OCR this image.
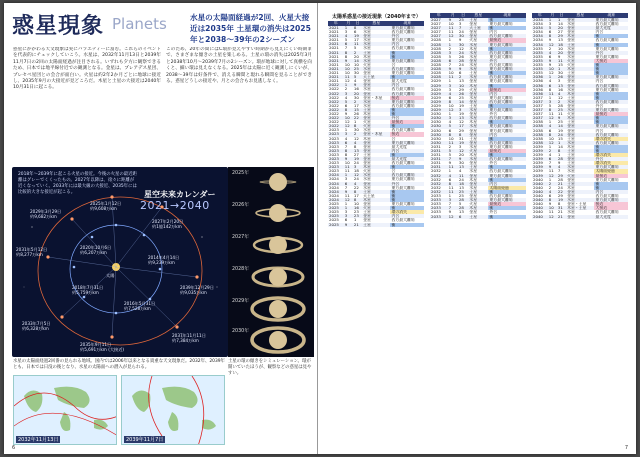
惑星現象 Planets	水星の太陽面経過が2回、火星大接近は2035年 土星環の消失は2025年と2038〜39年の2シーズン
惑星にかかわる天文現象は実にバラエティーに富む。これらのイベントを代表的にチェックしていこう。水星は、2032年11月13日と2039年11月7日の2回の太陽面経過が注目される。いずれも夕方に観察できるため、日本では地平線付近での観測となる。金星は、プレアデス星団、プレセペ星団との会合が面白い。火星は約2年2か月ごとに地球に接近し、2035年9月の大接近が見どころだ。木星と土星の大接近は2040年10月31日に起こる。
このため、20年の間にはC環が見えやすい時期から見えにくい時期まで、さまざまな傾きの土星を楽しめる。土星の環の消失は2025年3月と2038年10月〜2039年7月の2シーズン。環が地球に対して真横を向くと、細い環は見えなくなる。2025年は太陽に近く観測しにくいが、2038〜39年は好条件で、消える瞬間と現れる瞬間を見ることができる。惑星どうしの接近や、月との会合もお見逃しなく。
2018年〜2039年に起こる火星の接近。今後の火星の最近距離はグレーでくくったもの。2027年以降は、徐々に距離が近くなっていく。2033年には最大級の大接近、2035年には比較的大きな接近が起こる。	星空未来カレンダー
2021→2040
太陽
2029年3月29日
約9,682万km
2031年5月12日
約8,277万km
2033年7月5日
約6,328万km
2035年9月11日
約5,691万km (大接近)
2037年11月11日
約7,384万km
2039年12月29日
約9,035万km
2027年2月20日
約1億142万km
2025年1月12日
約9,608万km
2020年10月6日
約6,207万km
2018年7月31日
約5,759万km
2016年5月31日
約7,528万km
2014年4月14日
約9,239万km
2025年
2026年
2027年
2028年
2029年
2030年
土星の環の傾きをシミュレーション。環が開いていたほうが、観察などの惑星は見やすい。
水星の太陽面経過2回番の見られる地域。国内では2006年以来となる貴重な天文現象だ。2032年、2039年とも、日本では日没の後となり、水星の太陽面への潜入が見られる。
2032年11月13日	2039年11月7日
6
太陽系惑星の接近現象（2040年まで）
年	月	日	惑星	現象
2021	1	8	水星	東方最大離角
2021	3	6	水星	西方最大離角
2021	4	19	金星	外合
2021	5	17	水星	東方最大離角
2021	6	11	水星	内合
2021	7	5	水星	西方最大離角
2021	8	2	土星	衝
2021	8	20	木星	衝
2021	9	14	水星	東方最大離角
2021	10	10	火星	合
2021	10	25	水星	西方最大離角
2021	10	30	金星	東方最大離角
2021	11	5	天王星	衝
2021	12	4	金星	最大光度
2022	1	9	金星	内合
2022	2	16	水星	西方最大離角
2022	3	20	金星	西方最大離角
2022	4	30	金星・木星	接近
2022	5	2	水星	東方最大離角
2022	6	17	水星	西方最大離角
2022	8	15	土星	衝
2022	9	26	木星	衝
2022	10	22	金星	外合
2022	12	1	火星	最接近
2022	12	8	火星	衝
2023	1	30	水星	西方最大離角
2023	3	2	金星・木星	接近
2023	4	12	木星	合
2023	6	4	金星	東方最大離角
2023	7	8	金星	最大光度
2023	8	13	金星	内合
2023	8	27	土星	衝
2023	9	19	金星	最大光度
2023	10	24	金星	西方最大離角
2023	11	3	木星	衝
2023	11	18	火星	合
2024	1	12	水星	西方最大離角
2024	3	24	水星	東方最大離角
2024	6	4	金星	外合
2024	7	22	水星	東方最大離角
2024	9	8	土星	衝
2024	11	17	天王星	衝
2024	12	8	木星	衝
2025	1	10	金星	東方最大離角
2025	1	16	火星	衝
2025	3	23	土星	環の消失
2025	3	23	金星	内合
2025	6	1	金星	西方最大離角
2025	9	21	土星	衝
年	月	日	惑星	現象
2027	9	25	土星	衝
2027	10	3	金星	東方最大離角
2027	11	7	天王星	衝
2027	11	24	金星	内合
2027	12	30	金星	西方最大離角
2028	1	9	火星	最接近
2028	1	30	水星	東方最大離角
2028	2	12	木星	衝
2028	3	24	水星	西方最大離角
2028	5	26	水星	東方最大離角
2028	6	28	金星	外合
2028	7	24	水星	西方最大離角
2028	9	9	水星	東方最大離角
2028	10	6	土星	衝
2028	11	2	水星	西方最大離角
2029	1	13	金星	東方最大離角
2029	3	10	木星	衝
2029	3	29	火星	最接近
2029	4	26	金星	内合
2029	6	25	水星	東方最大離角
2029	8	14	金星	西方最大離角
2029	10	19	土星	衝
2029	12	3	水星	東方最大離角
2030	1	19	金星	外合
2030	3	13	水星	西方最大離角
2030	4	12	木星	衝
2030	5	17	水星	東方最大離角
2030	6	29	金星	東方最大離角
2030	8	8	金星	内合
2030	10	31	土星	衝
2030	11	19	金星	西方最大離角
2031	2	3	水星	東方最大離角
2031	5	12	火星	最接近
2031	5	20	木星	衝
2031	7	9	水星	西方最大離角
2031	9	30	金星	外合
2031	11	13	土星	衝
2032	1	4	水星	西方最大離角
2032	4	11	金星	東方最大離角
2032	6	24	木星	衝
2032	8	18	金星	内合
2032	11	13	水星	太陽面経過
2032	11	25	土星	衝
2033	1	25	金星	西方最大離角
2033	3	28	水星	東方最大離角
2033	7	5	火星	最接近
2033	7	28	木星	衝
2033	9	13	金星	外合
2033	12	6	土星	衝
年	月	日	惑星	現象
2034	1	1	金星	東方最大離角
2034	3	14	水星	西方最大離角
2034	5	20	金星	最大光度
2034	6	27	金星	内合
2034	8	29	木星	衝
2034	9	13	金星	西方最大離角
2034	12	18	土星	衝
2035	2	10	水星	東方最大離角
2035	4	20	金星	外合
2035	6	9	水星	東方最大離角
2035	9	11	火星	大接近
2035	9	15	火星	衝
2035	10	1	木星	衝
2035	12	30	土星	衝
2036	1	26	金星	東方最大離角
2036	4	3	金星	内合
2036	6	13	金星	西方最大離角
2036	8	16	水星	東方最大離角
2036	11	4	木星	衝
2037	1	12	土星	衝
2037	3	2	水星	西方最大離角
2037	5	28	金星	外合
2037	8	25	水星	東方最大離角
2037	11	11	火星	最接近
2037	12	9	木星	衝
2038	1	25	土星	衝
2038	4	14	金星	東方最大離角
2038	6	19	金星	内合
2038	8	24	金星	西方最大離角
2038	10	15	土星	環の消失
2038	12	1	水星	西方最大離角
2039	1	14	木星	衝
2039	2	8	土星	衝
2039	4	1	土星	環の消失
2039	6	28	金星	外合
2039	7	9	土星	環の消失
2039	9	4	水星	東方最大離角
2039	11	7	水星	太陽面経過
2039	12	29	火星	最接近
2040	1	28	金星	東方最大離角
2040	2	21	土星	衝
2040	2	24	木星	衝
2040	4	22	金星	内合
2040	6	29	金星	西方最大離角
2040	8	19	水星	東方最大離角
2040	9	8	金星・土星	接近
2040	10	31	木星・土星	大接近
2040	11	21	水星	西方最大離角
2040	12	21	金星	最大光度
7
